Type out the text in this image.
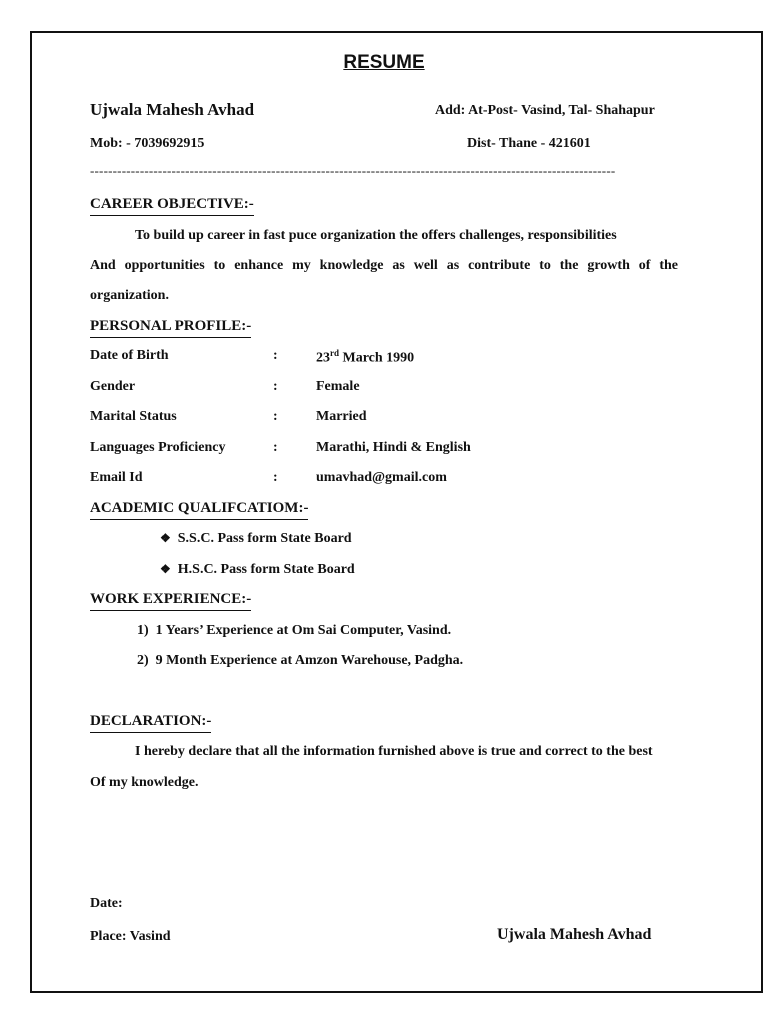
RESUME
Ujwala Mahesh Avhad	Add: At-Post- Vasind, Tal- Shahapur
Mob: - 7039692915	Dist- Thane - 421601
--------------------------------------------------------------------------------------------------------------------
CAREER OBJECTIVE:-
To build up career in fast puce organization the offers challenges, responsibilities
And opportunities to enhance my knowledge as well as contribute to the growth of the
organization.
PERSONAL PROFILE:-
Date of Birth	:	23rd March 1990
Gender	:	Female
Marital Status	:	Married
Languages Proficiency	:	Marathi, Hindi & English
Email Id	:	umavhad@gmail.com
ACADEMIC QUALIFCATIOM:-
❖ S.S.C. Pass form State Board
❖ H.S.C. Pass form State Board
WORK EXPERIENCE:-
1) 1 Years’ Experience at Om Sai Computer, Vasind.
2) 9 Month Experience at Amzon Warehouse, Padgha.
DECLARATION:-
I hereby declare that all the information furnished above is true and correct to the best
Of my knowledge.
Date:
Place: Vasind	Ujwala Mahesh Avhad
